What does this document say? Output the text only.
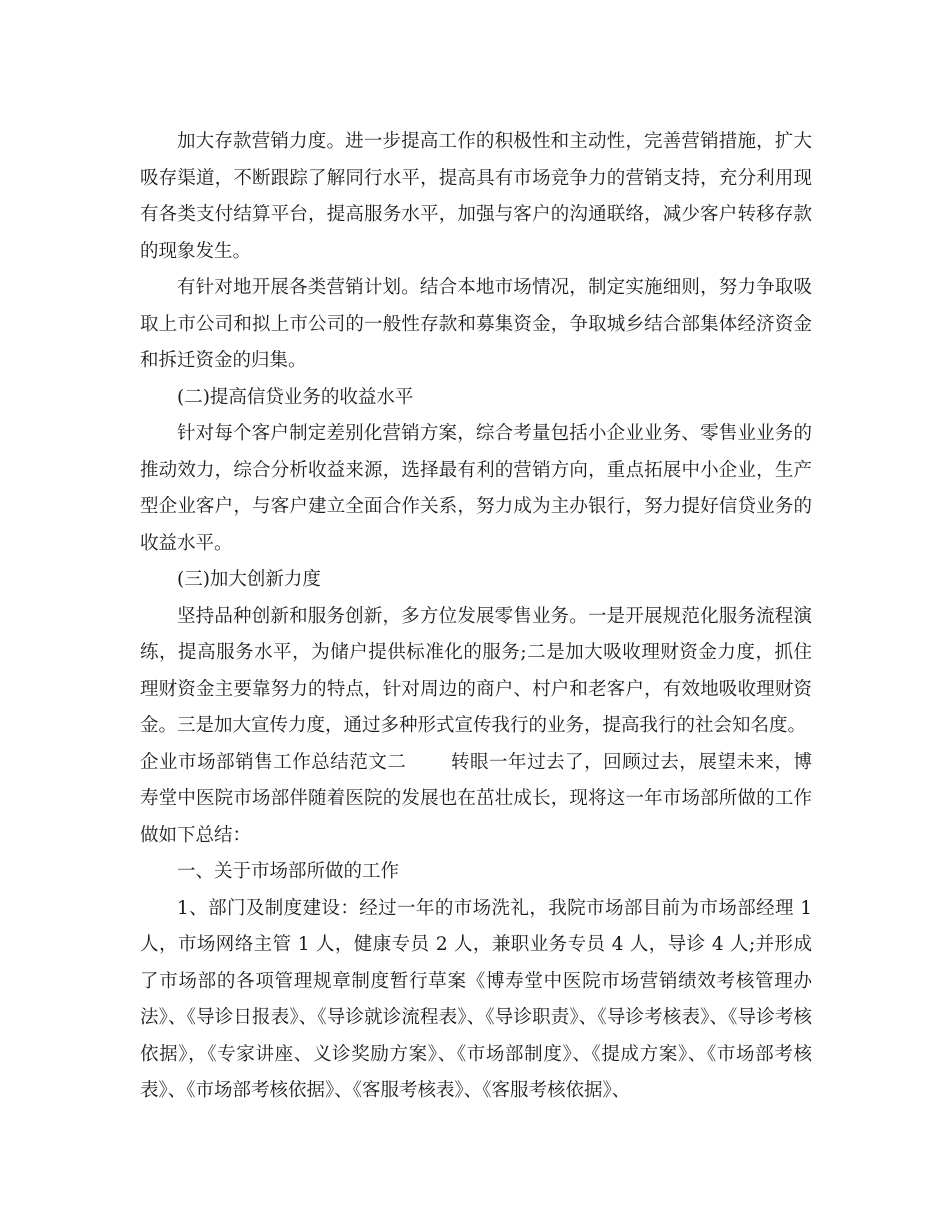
加大存款营销力度。进一步提高工作的积极性和主动性，完善营销措施，扩大吸存渠道，不断跟踪了解同行水平，提高具有市场竞争力的营销支持，充分利用现有各类支付结算平台，提高服务水平，加强与客户的沟通联络，减少客户转移存款的现象发生。

有针对地开展各类营销计划。结合本地市场情况，制定实施细则，努力争取吸取上市公司和拟上市公司的一般性存款和募集资金，争取城乡结合部集体经济资金和拆迁资金的归集。

(二)提高信贷业务的收益水平

针对每个客户制定差别化营销方案，综合考量包括小企业业务、零售业业务的推动效力，综合分析收益来源，选择最有利的营销方向，重点拓展中小企业，生产型企业客户，与客户建立全面合作关系，努力成为主办银行，努力提好信贷业务的收益水平。

(三)加大创新力度

坚持品种创新和服务创新，多方位发展零售业务。一是开展规范化服务流程演练，提高服务水平，为储户提供标准化的服务;二是加大吸收理财资金力度，抓住理财资金主要靠努力的特点，针对周边的商户、村户和老客户，有效地吸收理财资金。三是加大宣传力度，通过多种形式宣传我行的业务，提高我行的社会知名度。

企业市场部销售工作总结范文二 转眼一年过去了，回顾过去，展望未来，博寿堂中医院市场部伴随着医院的发展也在茁壮成长，现将这一年市场部所做的工作做如下总结：

一、关于市场部所做的工作

1、部门及制度建设：经过一年的市场洗礼，我院市场部目前为市场部经理 1 人，市场网络主管 1 人，健康专员 2 人，兼职业务专员 4 人，导诊 4 人;并形成了市场部的各项管理规章制度暂行草案《博寿堂中医院市场营销绩效考核管理办法》、《导诊日报表》、《导诊就诊流程表》、《导诊职责》、《导诊考核表》、《导诊考核依据》，《专家讲座、义诊奖励方案》、《市场部制度》、《提成方案》、《市场部考核表》、《市场部考核依据》、《客服考核表》、《客服考核依据》、
